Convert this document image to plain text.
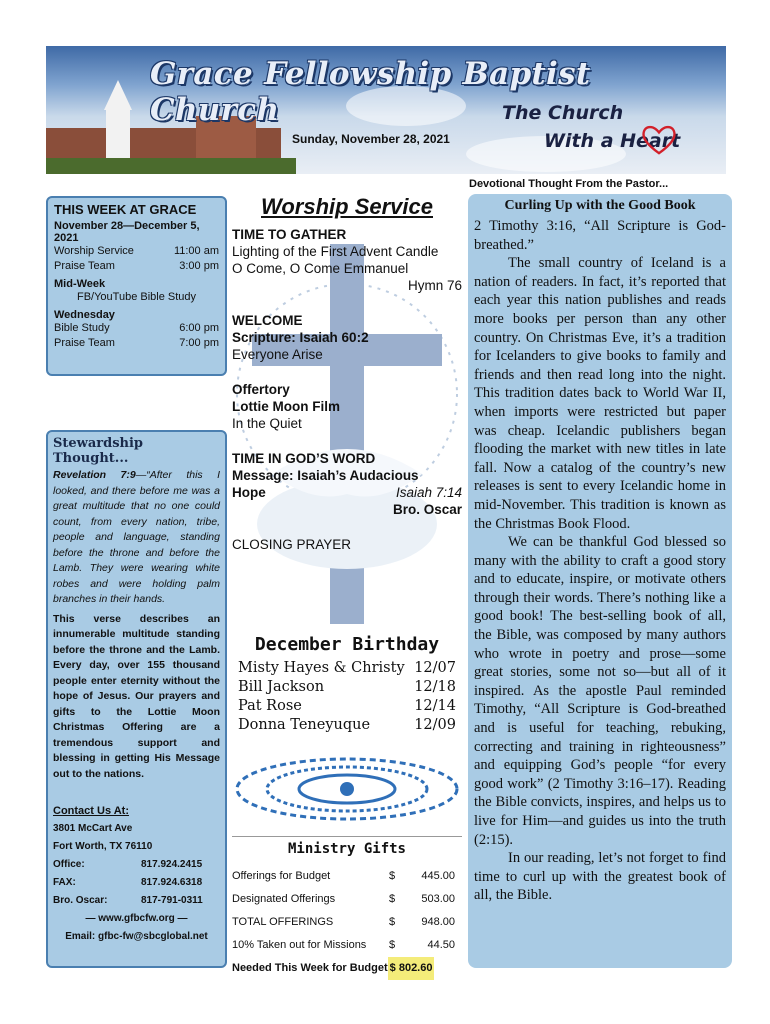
Grace Fellowship Baptist Church
Sunday, November 28, 2021
The Church
With a Heart
Devotional Thought From the Pastor...
THIS WEEK AT GRACE
November 28—December 5, 2021
Worship Service	11:00 am
Praise Team	3:00 pm
Mid-Week
FB/YouTube Bible Study
Wednesday
Bible Study	6:00 pm
Praise Team	7:00 pm
Stewardship Thought...
Revelation 7:9—“After this I looked, and there before me was a great multitude that no one could count, from every nation, tribe, people and language, standing before the throne and before the Lamb. They were wearing white robes and were holding palm branches in their hands.
This verse describes an innumerable multitude standing before the throne and the Lamb. Every day, over 155 thousand people enter eternity without the hope of Jesus. Our prayers and gifts to the Lottie Moon Christmas Offering are a tremendous support and blessing in getting His Message out to the nations.
Contact Us At:
3801 McCart Ave
Fort Worth, TX 76110
Office:	817.924.2415
FAX:	817.924.6318
Bro. Oscar:	817-791-0311
— www.gfbcfw.org —
Email: gfbc-fw@sbcglobal.net
Worship Service
TIME TO GATHER
Lighting of the First Advent Candle
O Come, O Come Emmanuel
Hymn 76
WELCOME
Scripture: Isaiah 60:2
Everyone Arise
Offertory
Lottie Moon Film
In the Quiet
TIME IN GOD’S WORD
Message: Isaiah’s Audacious
Hope	Isaiah 7:14
Bro. Oscar
CLOSING PRAYER
December Birthday
Misty Hayes & Christy 12/07
Bill Jackson	12/18
Pat Rose	12/14
Donna Teneyuque	12/09
Ministry Gifts
Offerings for Budget	$	445.00
Designated Offerings	$	503.00
TOTAL OFFERINGS	$	948.00
10% Taken out for Missions	$	44.50
Needed This Week for Budget $ 802.60
Curling Up with the Good Book

2 Timothy 3:16, “All Scripture is God-breathed.”

The small country of Iceland is a nation of readers. In fact, it’s reported that each year this nation publishes and reads more books per person than any other country. On Christmas Eve, it’s a tradition for Icelanders to give books to family and friends and then read long into the night. This tradition dates back to World War II, when imports were restricted but paper was cheap. Icelandic publishers began flooding the market with new titles in late fall. Now a catalog of the country’s new releases is sent to every Icelandic home in mid-November. This tradition is known as the Christmas Book Flood.

We can be thankful God blessed so many with the ability to craft a good story and to educate, inspire, or motivate others through their words. There’s nothing like a good book! The best-selling book of all, the Bible, was composed by many authors who wrote in poetry and prose—some great stories, some not so—but all of it inspired. As the apostle Paul reminded Timothy, “All Scripture is God-breathed and is useful for teaching, rebuking, correcting and training in righteousness” and equipping God’s people “for every good work” (2 Timothy 3:16–17). Reading the Bible convicts, inspires, and helps us to live for Him—and guides us into the truth (2:15).

In our reading, let’s not forget to find time to curl up with the greatest book of all, the Bible.
